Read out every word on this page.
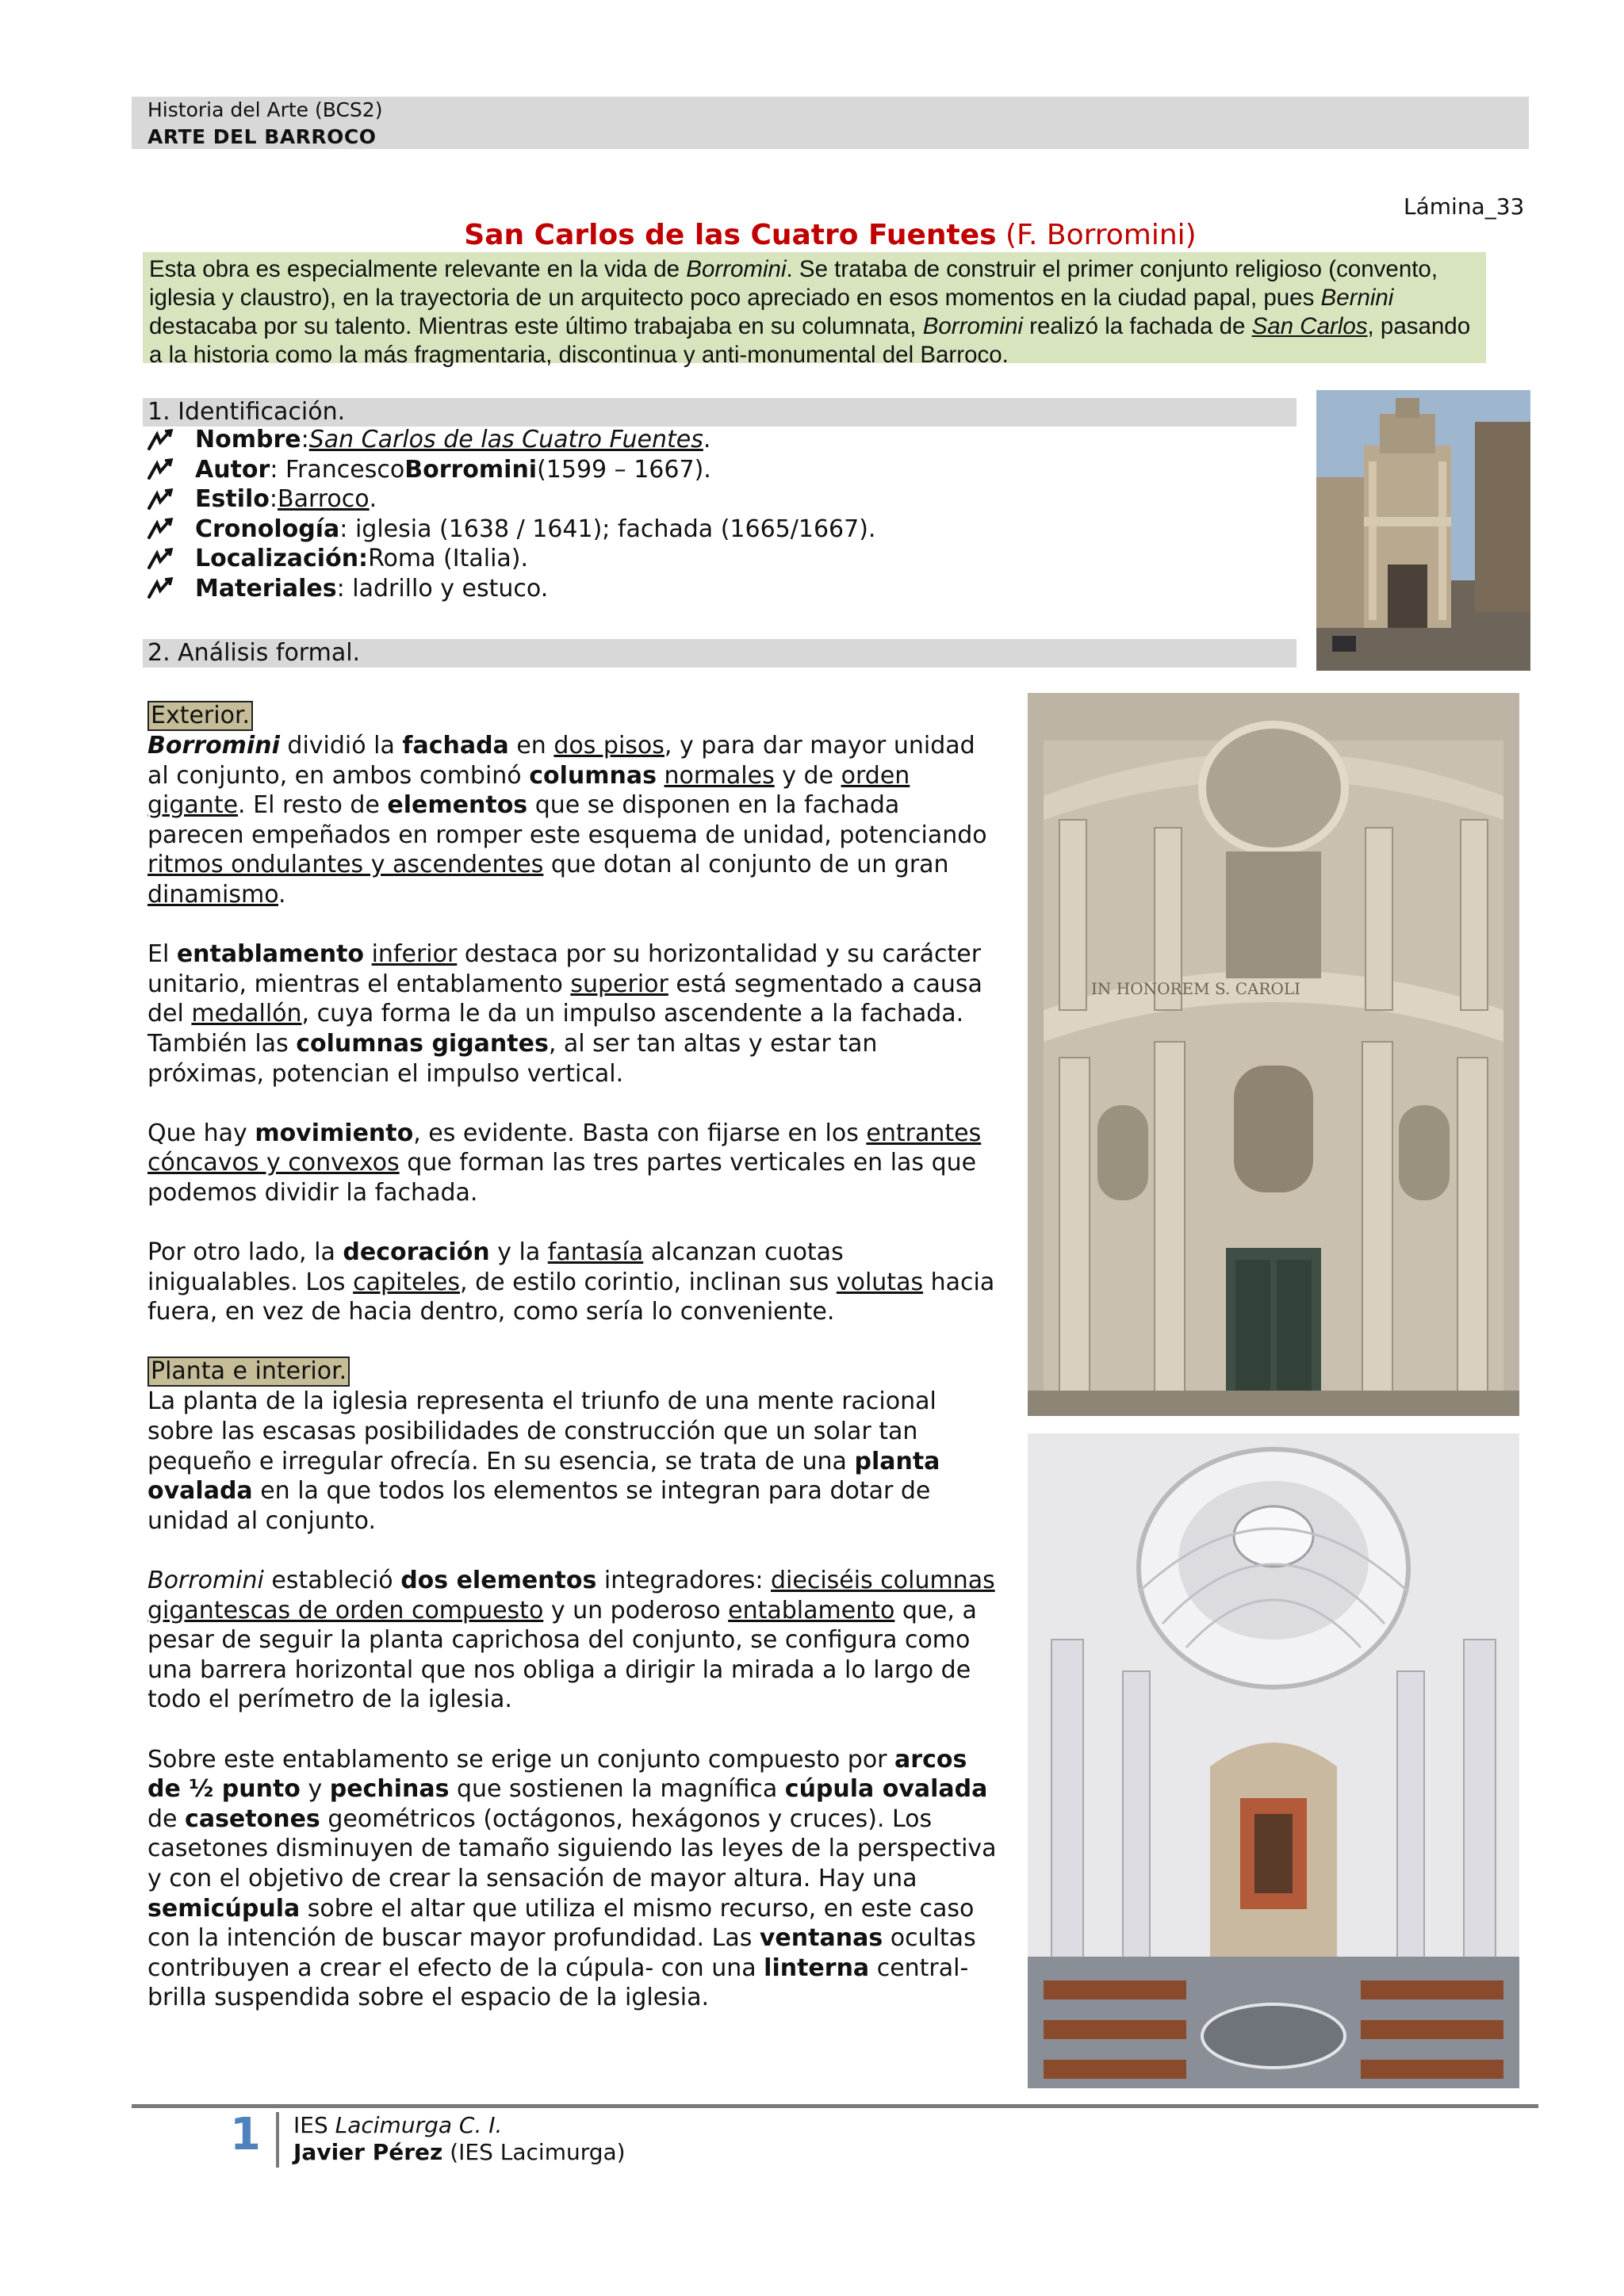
Historia del Arte (BCS2)
ARTE DEL BARROCO
Lámina_33
San Carlos de las Cuatro Fuentes (F. Borromini)
Esta obra es especialmente relevante en la vida de Borromini. Se trataba de construir el primer conjunto religioso (convento, iglesia y claustro), en la trayectoria de un arquitecto poco apreciado en esos momentos en la ciudad papal, pues Bernini destacaba por su talento. Mientras este último trabajaba en su columnata, Borromini realizó la fachada de San Carlos, pasando a la historia como la más fragmentaria, discontinua y anti-monumental del Barroco.
1. Identificación.
Nombre : San Carlos de las Cuatro Fuentes .
Autor : Francesco Borromini (1599 – 1667).
Estilo : Barroco .
Cronología : iglesia (1638 / 1641); fachada (1665/1667).
Localización: Roma (Italia).
Materiales : ladrillo y estuco.
2. Análisis formal.
Exterior.

Borromini dividió la fachada en dos pisos, y para dar mayor unidad al conjunto, en ambos combinó columnas normales y de orden gigante. El resto de elementos que se disponen en la fachada parecen empeñados en romper este esquema de unidad, potenciando ritmos ondulantes y ascendentes que dotan al conjunto de un gran dinamismo.

El entablamento inferior destaca por su horizontalidad y su carácter unitario, mientras el entablamento superior está segmentado a causa del medallón, cuya forma le da un impulso ascendente a la fachada. También las columnas gigantes, al ser tan altas y estar tan próximas, potencian el impulso vertical.

Que hay movimiento, es evidente. Basta con fijarse en los entrantes cóncavos y convexos que forman las tres partes verticales en las que podemos dividir la fachada.

Por otro lado, la decoración y la fantasía alcanzan cuotas inigualables. Los capiteles, de estilo corintio, inclinan sus volutas hacia fuera, en vez de hacia dentro, como sería lo conveniente.

Planta e interior.

La planta de la iglesia representa el triunfo de una mente racional sobre las escasas posibilidades de construcción que un solar tan pequeño e irregular ofrecía. En su esencia, se trata de una planta ovalada en la que todos los elementos se integran para dotar de unidad al conjunto.

Borromini estableció dos elementos integradores: dieciséis columnas gigantescas de orden compuesto y un poderoso entablamento que, a pesar de seguir la planta caprichosa del conjunto, se configura como una barrera horizontal que nos obliga a dirigir la mirada a lo largo de todo el perímetro de la iglesia.

Sobre este entablamento se erige un conjunto compuesto por arcos de ½ punto y pechinas que sostienen la magnífica cúpula ovalada de casetones geométricos (octágonos, hexágonos y cruces). Los casetones disminuyen de tamaño siguiendo las leyes de la perspectiva y con el objetivo de crear la sensación de mayor altura. Hay una semicúpula sobre el altar que utiliza el mismo recurso, en este caso con la intención de buscar mayor profundidad. Las ventanas ocultas contribuyen a crear el efecto de la cúpula- con una linterna central- brilla suspendida sobre el espacio de la iglesia.

IN HONOREM S. CAROLI
1 IES Lacimurga C. I.
Javier Pérez (IES Lacimurga)
